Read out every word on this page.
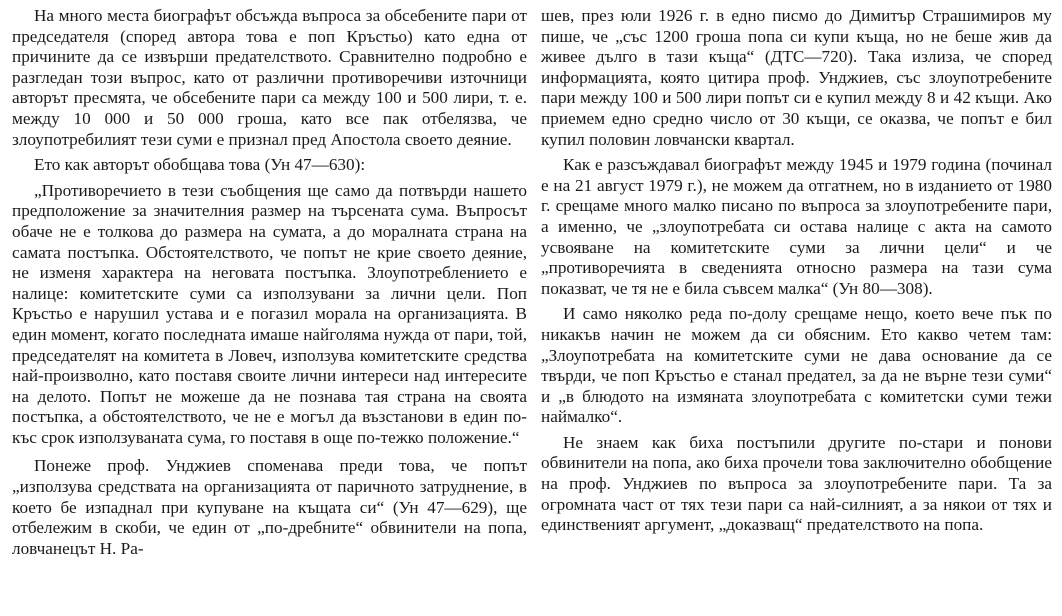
На много места биографът обсъжда въпроса за обсебените пари от председателя (според автора това е поп Кръстьо) като една от причините да се извърши предателството. Сравнително подробно е разгледан този въпрос, като от различни противоречиви източници авторът пресмята, че обсебените пари са между 100 и 500 лири, т. е. между 10 000 и 50 000 гроша, като все пак отбелязва, че злоупотребилият тези суми е признал пред Апостола своето деяние.

Ето как авторът обобщава това (Ун 47—630):

„Противоречието в тези съобщения ще само да потвърди нашето предположение за значителния размер на търсената сума. Въпросът обаче не е толкова до размера на сумата, а до моралната страна на самата постъпка. Обстоятелството, че попът не крие своето деяние, не изменя характера на неговата постъпка. Злоупотреблението е налице: комитетските суми са използувани за лични цели. Поп Кръстьо е нарушил устава и е погазил морала на организацията. В един момент, когато последната имаше найголяма нужда от пари, той, председателят на комитета в Ловеч, използува комитетските средства най-произволно, като поставя своите лични интереси над интересите на делото. Попът не можеше да не познава тая страна на своята постъпка, а обстоятелството, че не е могъл да възстанови в един по-къс срок използуваната сума, го поставя в още по-тежко положение.“

Понеже проф. Унджиев споменава преди това, че попът „използува средствата на организацията от паричното затруднение, в което бе изпаднал при купуване на къщата си“ (Ун 47—629), ще отбележим в скоби, че един от „по-дребните“ обвинители на попа, ловчанецът Н. Ра-

шев, през юли 1926 г. в едно писмо до Димитър Страшимиров му пише, че „със 1200 гроша попа си купи къща, но не беше жив да живее дълго в тази къща“ (ДТС—720). Така излиза, че според информацията, която цитира проф. Унджиев, със злоупотребените пари между 100 и 500 лири попът си е купил между 8 и 42 къщи. Ако приемем едно средно число от 30 къщи, се оказва, че попът е бил купил половин ловчански квартал.

Как е разсъждавал биографът между 1945 и 1979 година (починал е на 21 август 1979 г.), не можем да отгатнем, но в изданието от 1980 г. срещаме много малко писано по въпроса за злоупотребените пари, а именно, че „злоупотребата си остава налице с акта на самото усвояване на комитетските суми за лични цели“ и че „противоречията в сведенията относно размера на тази сума показват, че тя не е била съвсем малка“ (Ун 80—308).

И само няколко реда по-долу срещаме нещо, което вече пък по никакъв начин не можем да си обясним. Ето какво четем там: „Злоупотребата на комитетските суми не дава основание да се твърди, че поп Кръстьо е станал предател, за да не върне тези суми“ и „в блюдото на измяната злоупотребата с комитетски суми тежи наймалко“.

Не знаем как биха постъпили другите по-стари и понови обвинители на попа, ако биха прочели това заключително обобщение на проф. Унджиев по въпроса за злоупотребените пари. Та за огромната част от тях тези пари са най-силният, а за някои от тях и единственият аргумент, „доказващ“ предателството на попа.
